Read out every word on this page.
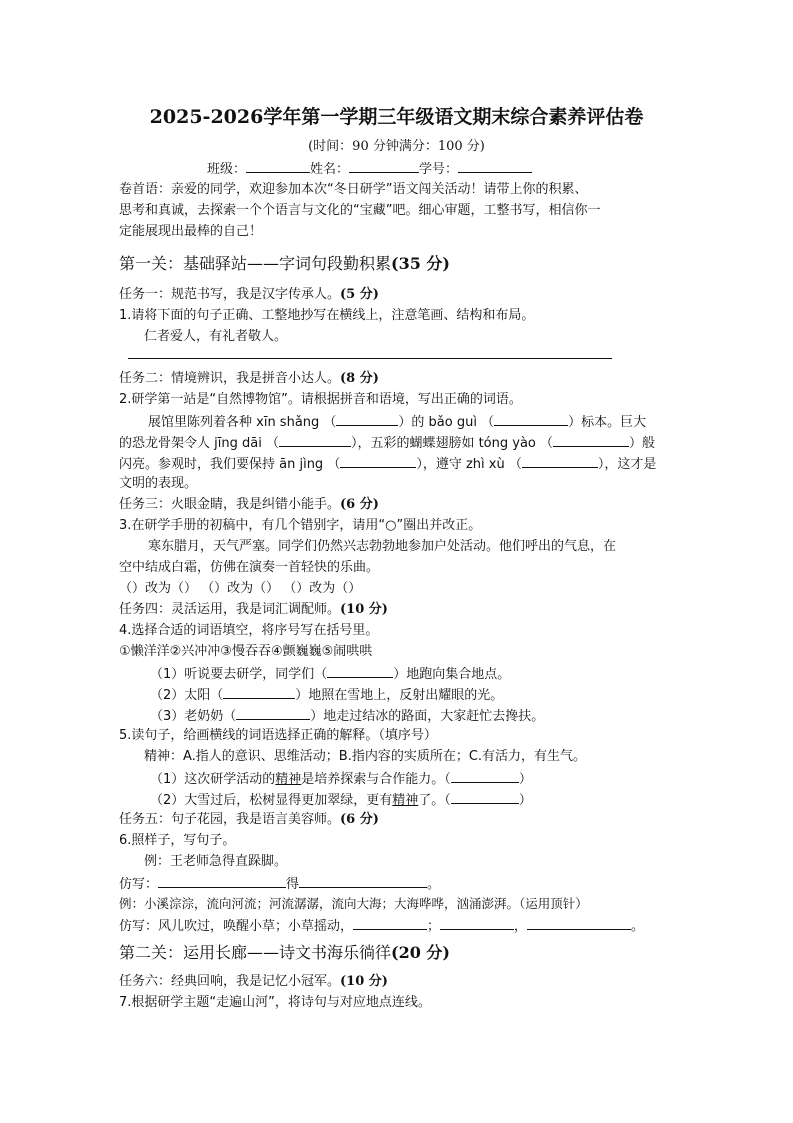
2025-2026学年第一学期三年级语文期末综合素养评估卷
(时间：90 分钟满分：100 分)
班级：	姓名：	学号：
卷首语：亲爱的同学，欢迎参加本次“冬日研学”语文闯关活动！请带上你的积累、
思考和真诚，去探索一个个语言与文化的“宝藏”吧。细心审题，工整书写，相信你一
定能展现出最棒的自己！
第一关：基础驿站——字词句段勤积累(35 分)
任务一：规范书写，我是汉字传承人。(5 分)
1.请将下面的句子正确、工整地抄写在横线上，注意笔画、结构和布局。
仁者爱人，有礼者敬人。
任务二：情境辨识，我是拼音小达人。(8 分)
2.研学第一站是“自然博物馆”。请根据拼音和语境，写出正确的词语。
展馆里陈列着各种 xīn shǎng （	）的 bǎo guì （	）标本。巨大
的恐龙骨架令人 jīng dāi （	），五彩的蝴蝶翅膀如 tóng yào （	）般
闪亮。参观时，我们要保持 ān jìng （	），遵守 zhì xù （	），这才是
文明的表现。
任务三：火眼金睛，我是纠错小能手。(6 分)
3.在研学手册的初稿中，有几个错别字，请用“○”圈出并改正。
寒东腊月，天气严塞。同学们仍然兴志勃勃地参加户处活动。他们呼出的气息，在
空中结成白霜，仿佛在演奏一首轻快的乐曲。
（）改为（） （）改为（） （）改为（）
任务四：灵活运用，我是词汇调配师。(10 分)
4.选择合适的词语填空，将序号写在括号里。
①懒洋洋②兴冲冲③慢吞吞④颤巍巍⑤闹哄哄
（1）听说要去研学，同学们（	）地跑向集合地点。
（2）太阳（	）地照在雪地上，反射出耀眼的光。
（3）老奶奶（	）地走过结冰的路面，大家赶忙去搀扶。
5.读句子，给画横线的词语选择正确的解释。（填序号）
精神：A.指人的意识、思维活动；B.指内容的实质所在；C.有活力，有生气。
（1）这次研学活动的精神是培养探索与合作能力。（	）
（2）大雪过后，松树显得更加翠绿，更有精神了。（	）
任务五：句子花园，我是语言美容师。(6 分)
6.照样子，写句子。
例：王老师急得直跺脚。
仿写：	得	。
例：小溪淙淙，流向河流；河流潺潺，流向大海；大海哗哗，汹涌澎湃。（运用顶针）
仿写：风儿吹过，唤醒小草；小草摇动，	；	，	。
第二关：运用长廊——诗文书海乐徜徉(20 分)
任务六：经典回响，我是记忆小冠军。(10 分)
7.根据研学主题“走遍山河”，将诗句与对应地点连线。
